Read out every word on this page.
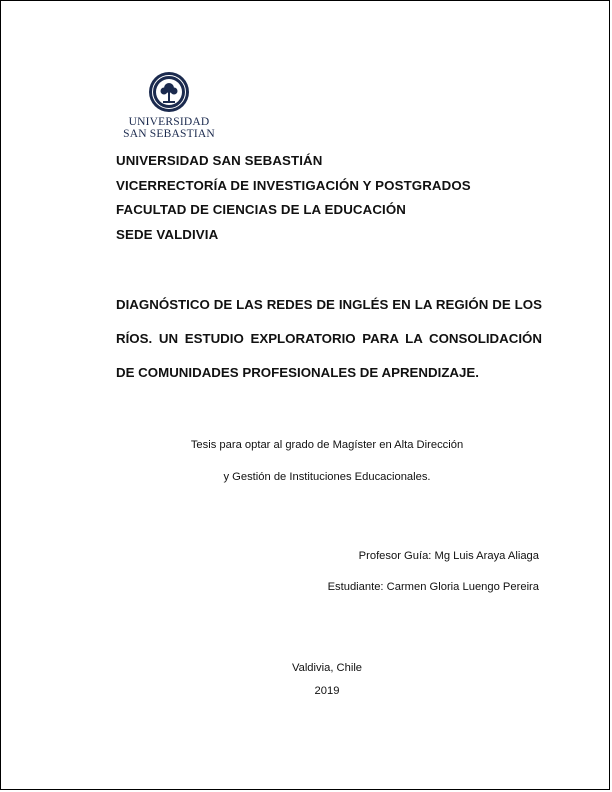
UNIVERSIDAD
SAN SEBASTIAN
UNIVERSIDAD SAN SEBASTIÁN
VICERRECTORÍA DE INVESTIGACIÓN Y POSTGRADOS
FACULTAD DE CIENCIAS DE LA EDUCACIÓN
SEDE VALDIVIA
DIAGNÓSTICO DE LAS REDES DE INGLÉS EN LA REGIÓN DE LOS RÍOS. UN ESTUDIO EXPLORATORIO PARA LA CONSOLIDACIÓN DE COMUNIDADES PROFESIONALES DE APRENDIZAJE.
Tesis para optar al grado de Magíster en Alta Dirección
y Gestión de Instituciones Educacionales.
Profesor Guía: Mg Luis Araya Aliaga
Estudiante: Carmen Gloria Luengo Pereira
Valdivia, Chile
2019
